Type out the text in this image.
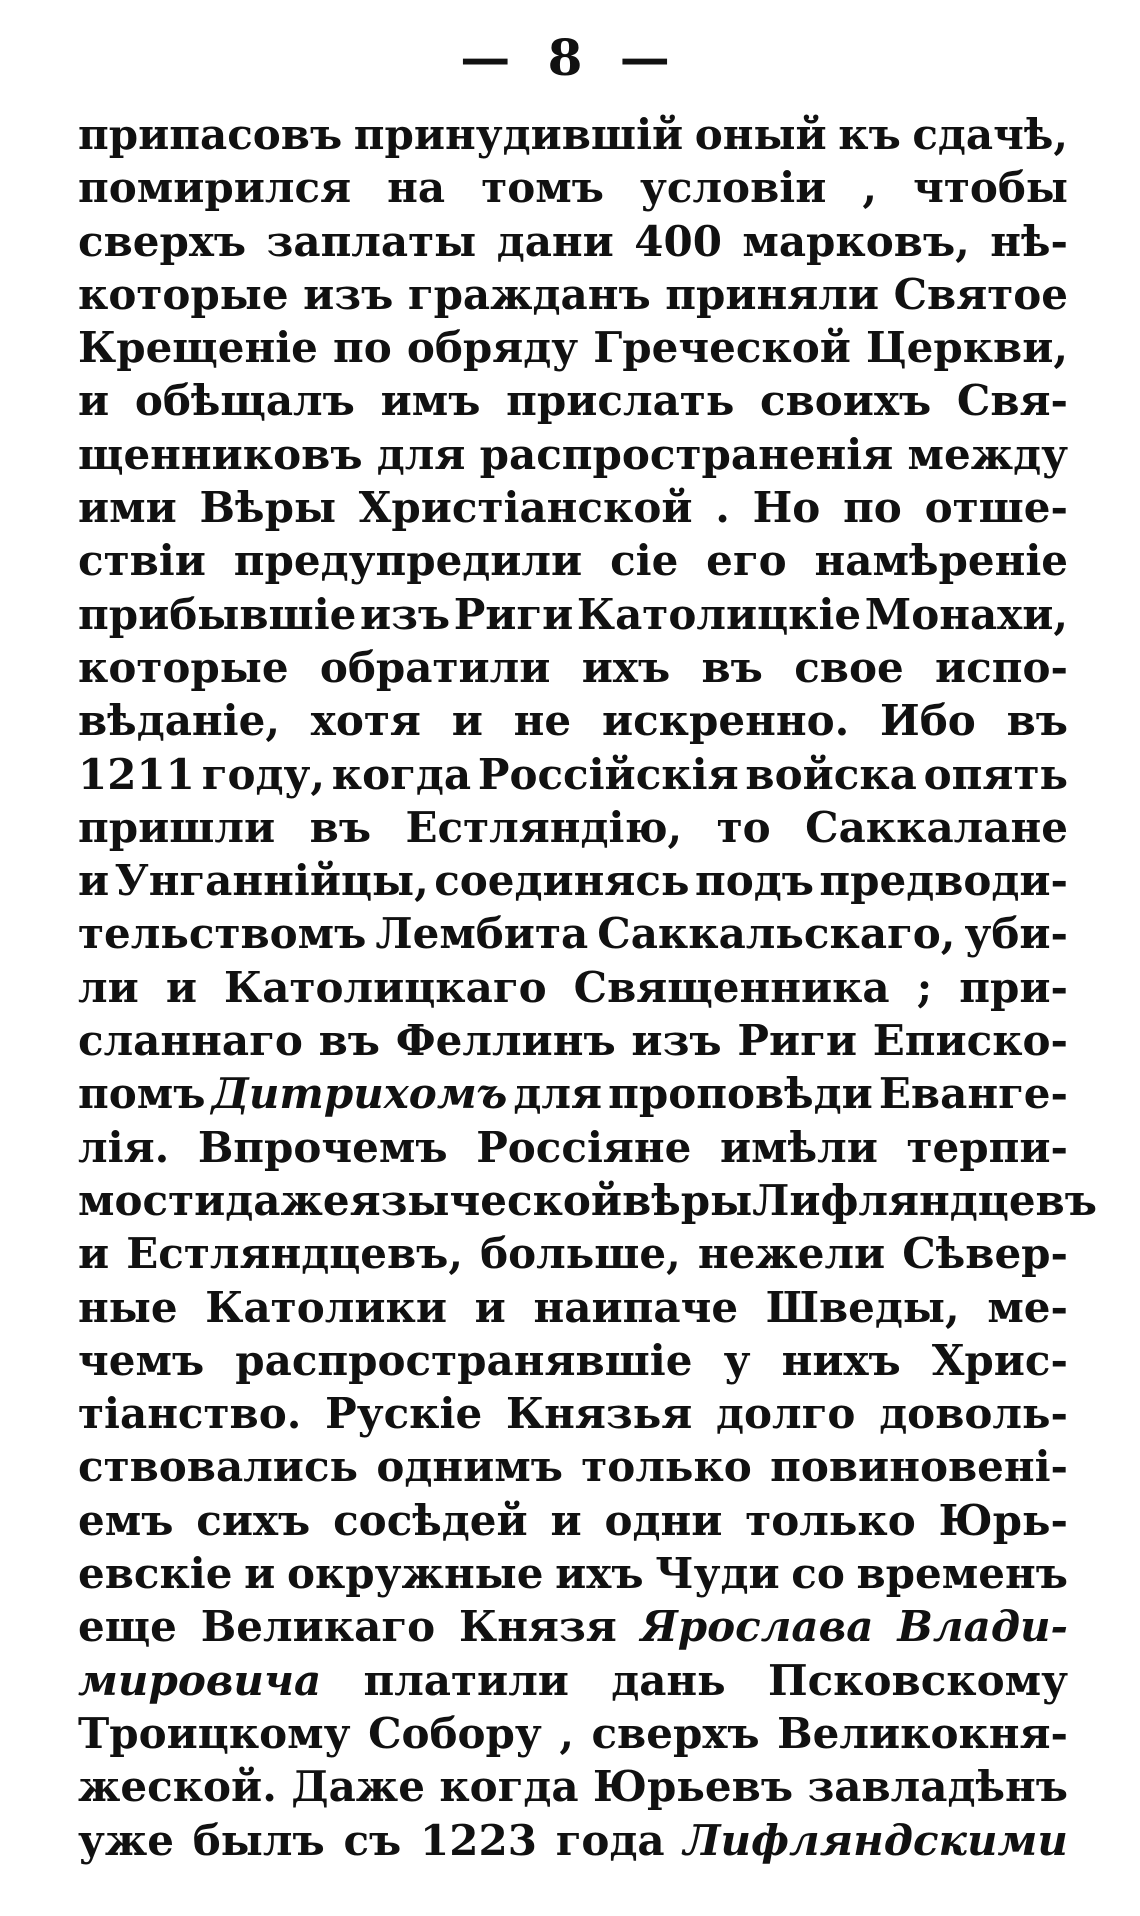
— 8 —
припасовъ принудившій оный къ сдачѣ,
помирился на томъ условіи , чтобы
сверхъ заплаты дани 400 марковъ, нѣ-
которые изъ гражданъ приняли Святое
Крещеніе по обряду Греческой Церкви,
и обѣщалъ имъ прислать своихъ Свя-
щенниковъ для распространенія между
ими Вѣры Христіанской . Но по отше-
ствіи предупредили сіе его намѣреніе
прибывшіе изъ Риги Католицкіе Монахи,
которые обратили ихъ въ свое испо-
вѣданіе, хотя и не искренно. Ибо въ
1211 году, когда Россійскія войска опять
пришли въ Естляндію, то Саккалане
и Унганнійцы, соединясь подъ предводи-
тельствомъ Лембита Саккальскаго, уби-
ли и Католицкаго Священника ; при-
сланнаго въ Феллинъ изъ Риги Еписко-
помъ Дитрихомъ для проповѣди Еванге-
лія. Впрочемъ Россіяне имѣли терпи-
мости даже языческой вѣры Лифляндцевъ
и Естляндцевъ, больше, нежели Сѣвер-
ные Католики и наипаче Шведы, ме-
чемъ распространявшіе у нихъ Хрис-
тіанство. Рускіе Князья долго доволь-
ствовались однимъ только повиновені-
емъ сихъ сосѣдей и одни только Юрь-
евскіе и окружные ихъ Чуди со временъ
еще Великаго Князя Ярослава Влади-
мировича платили дань Псковскому
Троицкому Собору , сверхъ Великокня-
жеской. Даже когда Юрьевъ завладѣнъ
уже былъ съ 1223 года Лифляндскими
